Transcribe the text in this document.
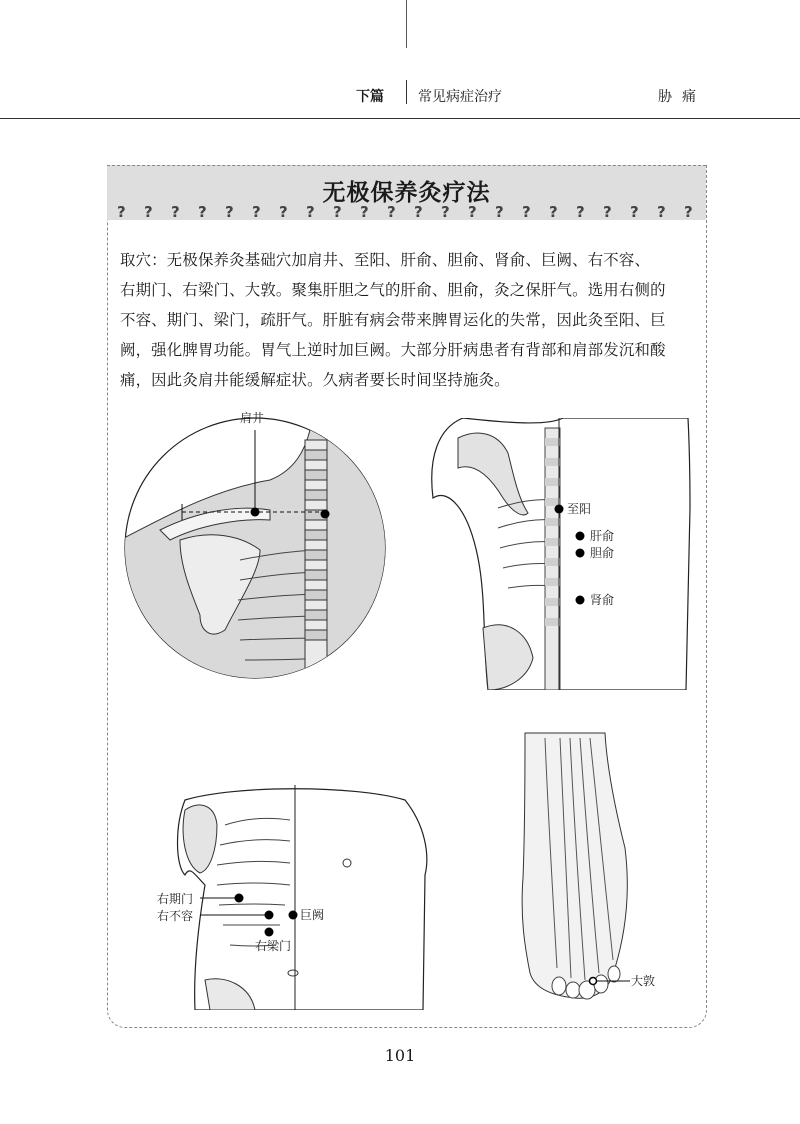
下篇 常见病症治疗	胁痛
无极保养灸疗法
? ? ? ? ? ? ? ? ? ? ? ? ? ? ? ? ? ? ? ? ? ?
取穴：无极保养灸基础穴加肩井、至阳、肝俞、胆俞、肾俞、巨阙、右不容、
右期门、右梁门、大敦。聚集肝胆之气的肝俞、胆俞，灸之保肝气。选用右侧的
不容、期门、梁门，疏肝气。肝脏有病会带来脾胃运化的失常，因此灸至阳、巨
阙，强化脾胃功能。胃气上逆时加巨阙。大部分肝病患者有背部和肩部发沉和酸
痛，因此灸肩井能缓解症状。久病者要长时间坚持施灸。
肩井
至阳
肝俞
胆俞
肾俞
右期门
右不容	巨阙
右梁门
大敦
101
